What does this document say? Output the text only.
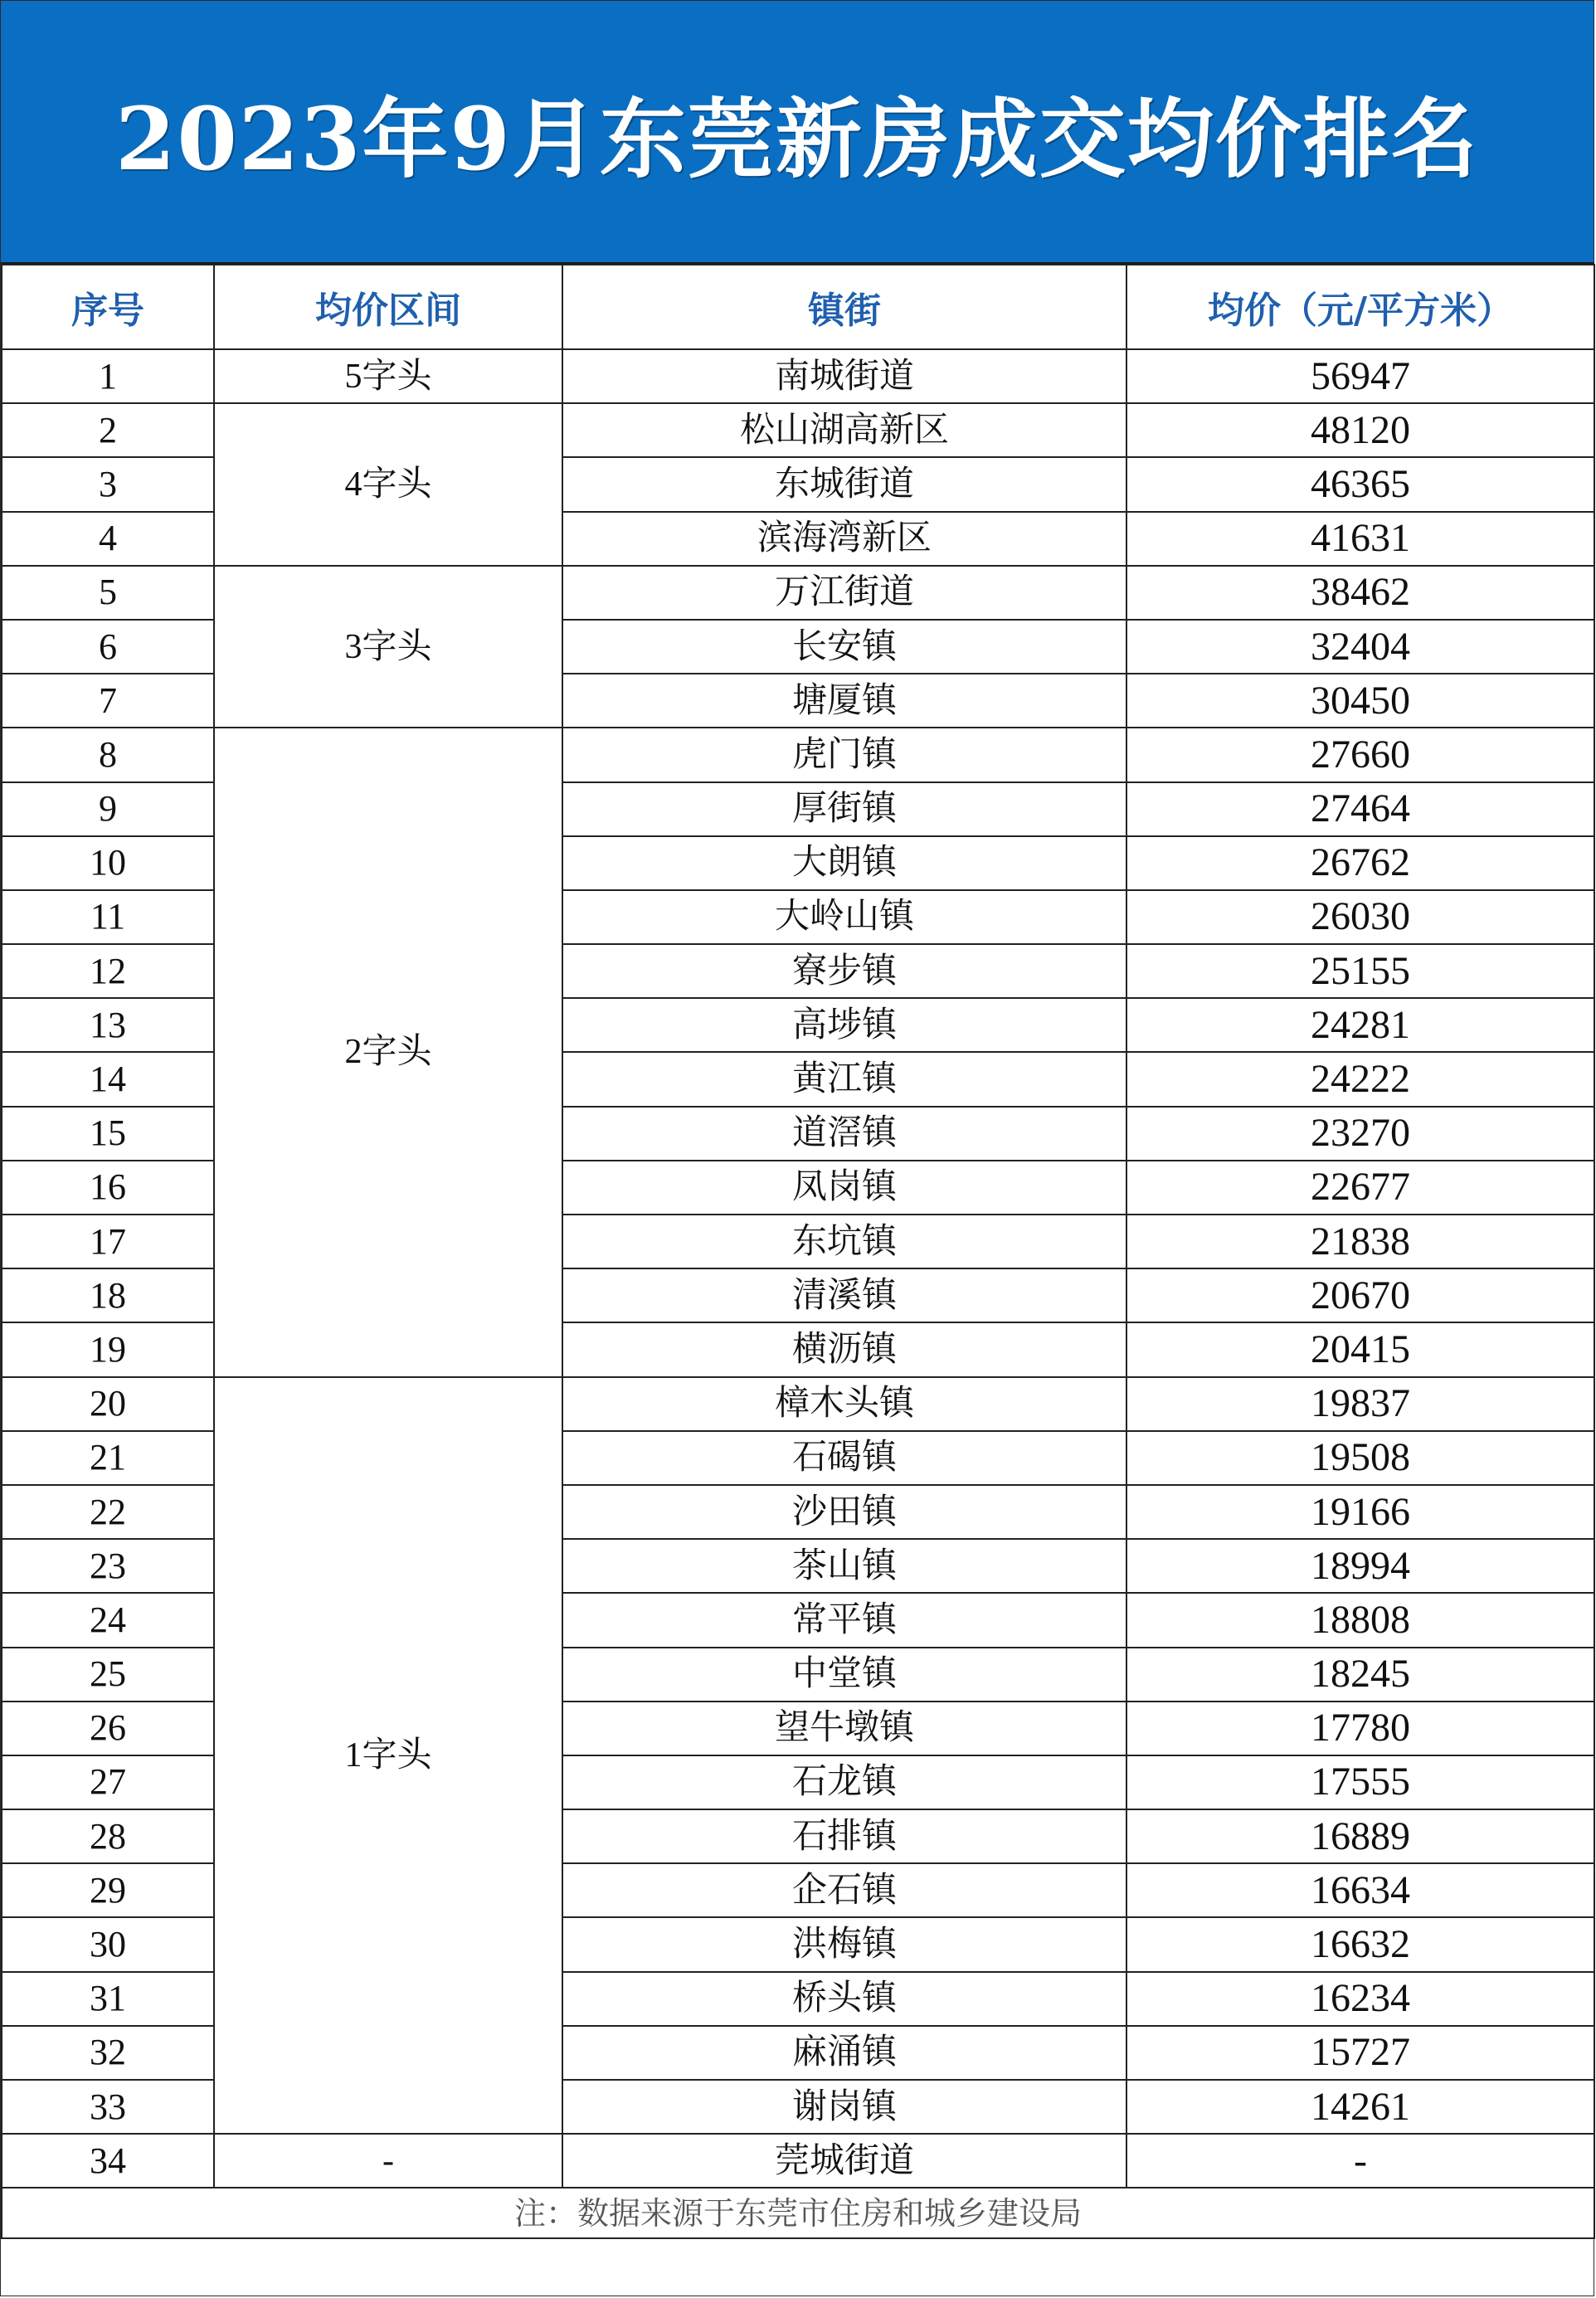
2023年9月东莞新房成交均价排名
序号	均价区间	镇街	均价（元/平方米）
1	5字头	南城街道	56947
2	4字头	松山湖高新区	48120
3		东城街道	46365
4		滨海湾新区	41631
5	3字头	万江街道	38462
6		长安镇	32404
7		塘厦镇	30450
8	2字头	虎门镇	27660
9		厚街镇	27464
10		大朗镇	26762
11		大岭山镇	26030
12		寮步镇	25155
13		高埗镇	24281
14		黄江镇	24222
15		道滘镇	23270
16		凤岗镇	22677
17		东坑镇	21838
18		清溪镇	20670
19		横沥镇	20415
20	1字头	樟木头镇	19837
21		石碣镇	19508
22		沙田镇	19166
23		茶山镇	18994
24		常平镇	18808
25		中堂镇	18245
26		望牛墩镇	17780
27		石龙镇	17555
28		石排镇	16889
29		企石镇	16634
30		洪梅镇	16632
31		桥头镇	16234
32		麻涌镇	15727
33		谢岗镇	14261
34	-	莞城街道	-
注：数据来源于东莞市住房和城乡建设局			
